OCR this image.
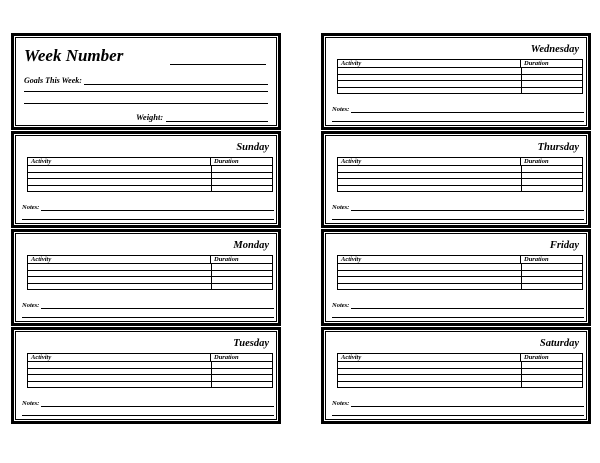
Week Number
Goals This Week:
Weight:
Sunday
Activity	Duration
Notes:
Monday
Activity	Duration
Notes:
Tuesday
Activity	Duration
Notes:
Wednesday
Activity	Duration
Notes:
Thursday
Activity	Duration
Notes:
Friday
Activity	Duration
Notes:
Saturday
Activity	Duration
Notes:
